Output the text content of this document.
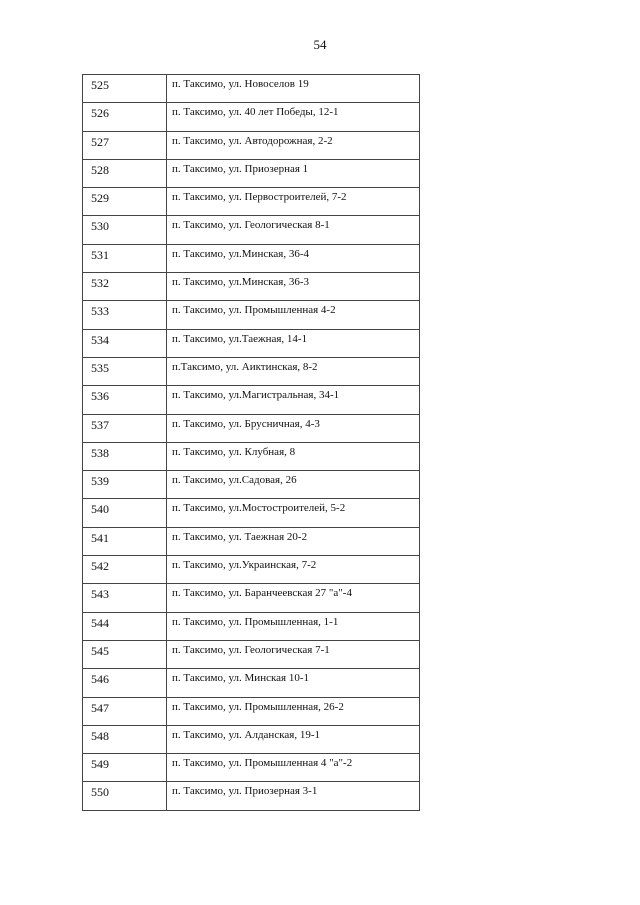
54
525	п. Таксимо, ул. Новоселов 19
526	п. Таксимо, ул. 40 лет Победы, 12-1
527	п. Таксимо, ул. Автодорожная, 2-2
528	п. Таксимо, ул. Приозерная 1
529	п. Таксимо, ул. Первостроителей, 7-2
530	п. Таксимо, ул. Геологическая 8-1
531	п. Таксимо, ул.Минская, 36-4
532	п. Таксимо, ул.Минская, 36-3
533	п. Таксимо, ул. Промышленная 4-2
534	п. Таксимо, ул.Таежная, 14-1
535	п.Таксимо, ул. Аиктинская, 8-2
536	п. Таксимо, ул.Магистральная, 34-1
537	п. Таксимо, ул. Брусничная, 4-3
538	п. Таксимо, ул. Клубная, 8
539	п. Таксимо, ул.Садовая, 26
540	п. Таксимо, ул.Мостостроителей, 5-2
541	п. Таксимо, ул. Таежная 20-2
542	п. Таксимо, ул.Украинская, 7-2
543	п. Таксимо, ул. Баранчеевская 27 "а"-4
544	п. Таксимо, ул. Промышленная, 1-1
545	п. Таксимо, ул. Геологическая 7-1
546	п. Таксимо, ул. Минская 10-1
547	п. Таксимо, ул. Промышленная, 26-2
548	п. Таксимо, ул. Алданская, 19-1
549	п. Таксимо, ул. Промышленная 4 "а"-2
550	п. Таксимо, ул. Приозерная 3-1
